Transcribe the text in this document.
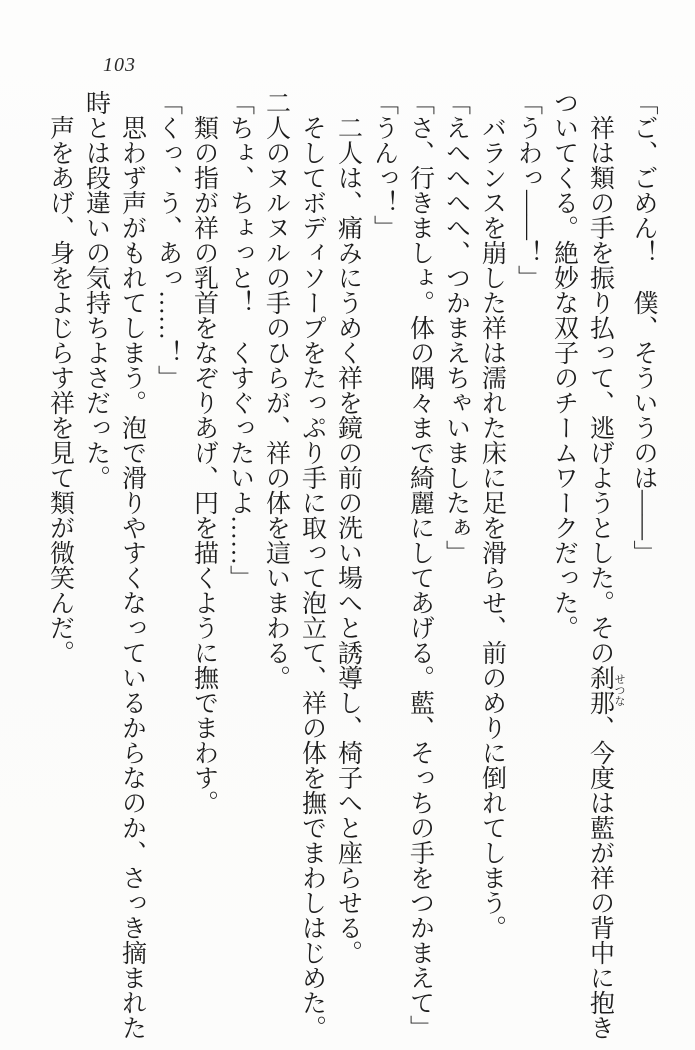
103

「ご、ごめん！　僕、そういうのは――」

祥は類の手を振り払って、逃げようとした。その刹那 せつな、今度は藍が祥の背中に抱き

ついてくる。絶妙な双子のチームワークだった。

「うわっ――！」

バランスを崩した祥は濡れた床に足を滑らせ、前のめりに倒れてしまう。

「えへへへへ、つかまえちゃいましたぁ」

「さ、行きましょ。体の隅々まで綺麗にしてあげる。藍、そっちの手をつかまえて」

「うんっ！」

二人は、痛みにうめく祥を鏡の前の洗い場へと誘導し、椅子へと座らせる。

そしてボディソープをたっぷり手に取って泡立て、祥の体を撫でまわしはじめた。

二人のヌルヌルの手のひらが、祥の体を這いまわる。

「ちょ、ちょっと！　くすぐったいよ……」

類の指が祥の乳首をなぞりあげ、円を描くように撫でまわす。

「くっ、う、あっ……！」

思わず声がもれてしまう。泡で滑りやすくなっているからなのか、さっき摘まれた

時とは段違いの気持ちよさだった。

声をあげ、身をよじらす祥を見て類が微笑んだ。
